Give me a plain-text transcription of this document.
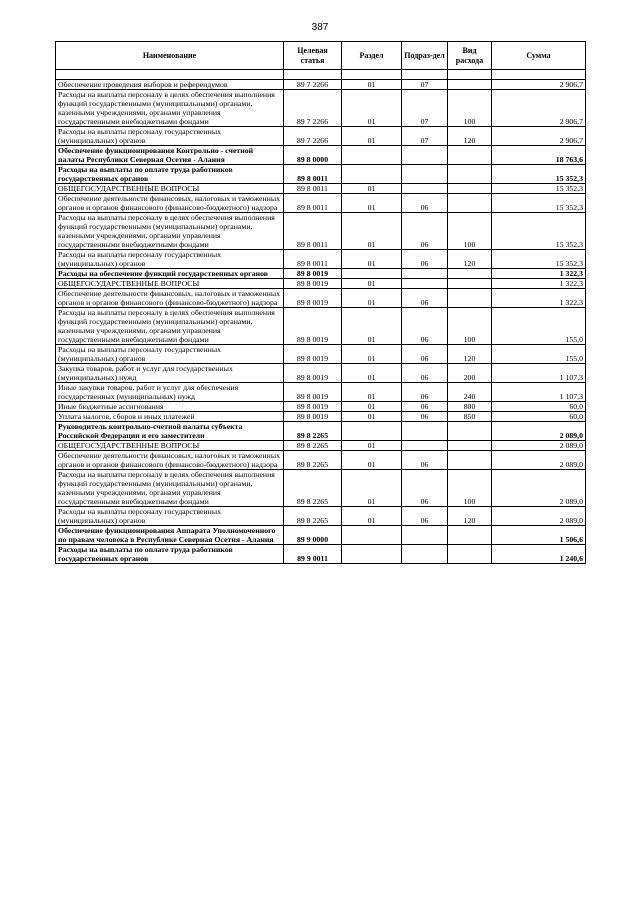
387
Наименование	Целевая статья	Раздел	Подраз-дел	Вид расхода	Сумма

Обеспечение проведения выборов и референдумов	89 7 2266	01	07		2 906,7
Расходы на выплаты персоналу в целях обеспечения выполнения функций государственными (муниципальными) органами, казенными учреждениями, органами управления государственными внебюджетными фондами	89 7 2266	01	07	100	2 906,7
Расходы на выплаты персоналу государственных (муниципальных) органов	89 7 2266	01	07	120	2 906,7
Обеспечение функционирования Контрольно - счетной палаты Республики Северная Осетия - Алания	89 8 0000				18 763,6
Расходы на выплаты по оплате труда работников государственных органов	89 8 0011				15 352,3
ОБЩЕГОСУДАРСТВЕННЫЕ ВОПРОСЫ	89 8 0011	01			15 352,3
Обеспечение деятельности финансовых, налоговых и таможенных органов и органов финансового (финансово-бюджетного) надзора	89 8 0011	01	06		15 352,3
Расходы на выплаты персоналу в целях обеспечения выполнения функций государственными (муниципальными) органами, казенными учреждениями, органами управления государственными внебюджетными фондами	89 8 0011	01	06	100	15 352,3
Расходы на выплаты персоналу государственных (муниципальных) органов	89 8 0011	01	06	120	15 352,3
Расходы на обеспечение функций государственных органов	89 8 0019				1 322,3
ОБЩЕГОСУДАРСТВЕННЫЕ ВОПРОСЫ	89 8 0019	01			1 322,3
Обеспечение деятельности финансовых, налоговых и таможенных органов и органов финансового (финансово-бюджетного) надзора	89 8 0019	01	06		1 322,3
Расходы на выплаты персоналу в целях обеспечения выполнения функций государственными (муниципальными) органами, казенными учреждениями, органами управления государственными внебюджетными фондами	89 8 0019	01	06	100	155,0
Расходы на выплаты персоналу государственных (муниципальных) органов	89 8 0019	01	06	120	155,0
Закупка товаров, работ и услуг для государственных (муниципальных) нужд	89 8 0019	01	06	200	1 107,3
Иные закупки товаров, работ и услуг для обеспечения государственных (муниципальных) нужд	89 8 0019	01	06	240	1 107,3
Иные бюджетные ассигнования	89 8 0019	01	06	800	60,0
Уплата налогов, сборов и иных платежей	89 8 0019	01	06	850	60,0
Руководитель контрольно-счетной палаты субъекта Российской Федерации и его заместители	89 8 2265				2 089,0
ОБЩЕГОСУДАРСТВЕННЫЕ ВОПРОСЫ	89 8 2265	01			2 089,0
Обеспечение деятельности финансовых, налоговых и таможенных органов и органов финансового (финансово-бюджетного) надзора	89 8 2265	01	06		2 089,0
Расходы на выплаты персоналу в целях обеспечения выполнения функций государственными (муниципальными) органами, казенными учреждениями, органами управления государственными внебюджетными фондами	89 8 2265	01	06	100	2 089,0
Расходы на выплаты персоналу государственных (муниципальных) органов	89 8 2265	01	06	120	2 089,0
Обеспечение функционирования Аппарата Уполномоченного по правам человека в Республике Северная Осетия - Алания	89 9 0000				1 506,6
Расходы на выплаты по оплате труда работников государственных органов	89 9 0011				1 240,6
